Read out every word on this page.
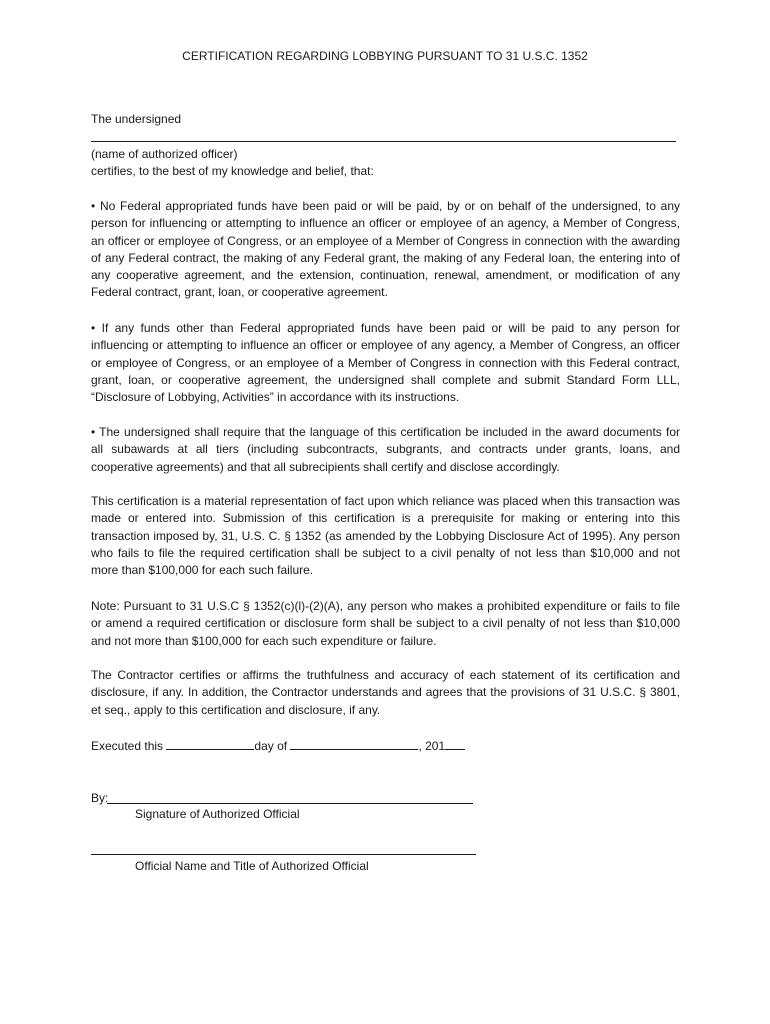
CERTIFICATION REGARDING LOBBYING PURSUANT TO 31 U.S.C. 1352
The undersigned
(name of authorized officer)
certifies, to the best of my knowledge and belief, that:
• No Federal appropriated funds have been paid or will be paid, by or on behalf of the undersigned, to any person for influencing or attempting to influence an officer or employee of an agency, a Member of Congress, an officer or employee of Congress, or an employee of a Member of Congress in connection with the awarding of any Federal contract, the making of any Federal grant, the making of any Federal loan, the entering into of any cooperative agreement, and the extension, continuation, renewal, amendment, or modification of any Federal contract, grant, loan, or cooperative agreement.
• If any funds other than Federal appropriated funds have been paid or will be paid to any person for influencing or attempting to influence an officer or employee of any agency, a Member of Congress, an officer or employee of Congress, or an employee of a Member of Congress in connection with this Federal contract, grant, loan, or cooperative agreement, the undersigned shall complete and submit Standard Form LLL, “Disclosure of Lobbying, Activities” in accordance with its instructions.
• The undersigned shall require that the language of this certification be included in the award documents for all subawards at all tiers (including subcontracts, subgrants, and contracts under grants, loans, and cooperative agreements) and that all subrecipients shall certify and disclose accordingly.
This certification is a material representation of fact upon which reliance was placed when this transaction was made or entered into. Submission of this certification is a prerequisite for making or entering into this transaction imposed by, 31, U.S. C. § 1352 (as amended by the Lobbying Disclosure Act of 1995). Any person who fails to file the required certification shall be subject to a civil penalty of not less than $10,000 and not more than $100,000 for each such failure.
Note: Pursuant to 31 U.S.C § 1352(c)(l)-(2)(A), any person who makes a prohibited expenditure or fails to file or amend a required certification or disclosure form shall be subject to a civil penalty of not less than $10,000 and not more than $100,000 for each such expenditure or failure.
The Contractor certifies or affirms the truthfulness and accuracy of each statement of its certification and disclosure, if any. In addition, the Contractor understands and agrees that the provisions of 31 U.S.C. § 3801, et seq., apply to this certification and disclosure, if any.
Executed this	day of	, 201
By:
Signature of Authorized Official
Official Name and Title of Authorized Official
